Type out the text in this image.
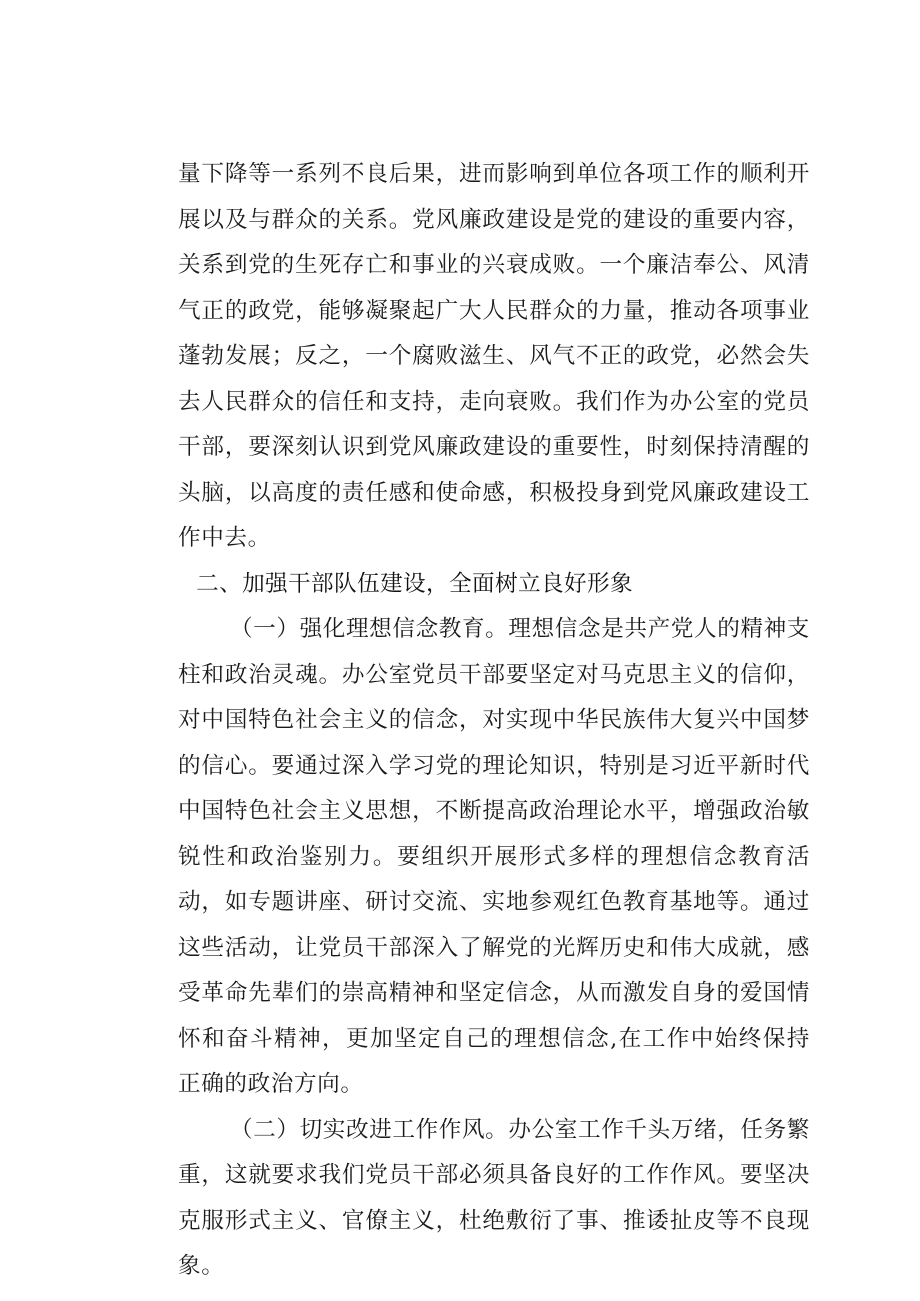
量下降等一系列不良后果，进而影响到单位各项工作的顺利开展以及与群众的关系。党风廉政建设是党的建设的重要内容，关系到党的生死存亡和事业的兴衰成败。一个廉洁奉公、风清气正的政党，能够凝聚起广大人民群众的力量，推动各项事业蓬勃发展；反之，一个腐败滋生、风气不正的政党，必然会失去人民群众的信任和支持，走向衰败。我们作为办公室的党员干部，要深刻认识到党风廉政建设的重要性，时刻保持清醒的头脑，以高度的责任感和使命感，积极投身到党风廉政建设工作中去。

二、加强干部队伍建设，全面树立良好形象

（一）强化理想信念教育。理想信念是共产党人的精神支柱和政治灵魂。办公室党员干部要坚定对马克思主义的信仰，对中国特色社会主义的信念，对实现中华民族伟大复兴中国梦的信心。要通过深入学习党的理论知识，特别是习近平新时代中国特色社会主义思想，不断提高政治理论水平，增强政治敏锐性和政治鉴别力。要组织开展形式多样的理想信念教育活动，如专题讲座、研讨交流、实地参观红色教育基地等。通过这些活动，让党员干部深入了解党的光辉历史和伟大成就，感受革命先辈们的崇高精神和坚定信念，从而激发自身的爱国情怀和奋斗精神，更加坚定自己的理想信念,在工作中始终保持正确的政治方向。

（二）切实改进工作作风。办公室工作千头万绪，任务繁重，这就要求我们党员干部必须具备良好的工作作风。要坚决克服形式主义、官僚主义，杜绝敷衍了事、推诿扯皮等不良现象。
